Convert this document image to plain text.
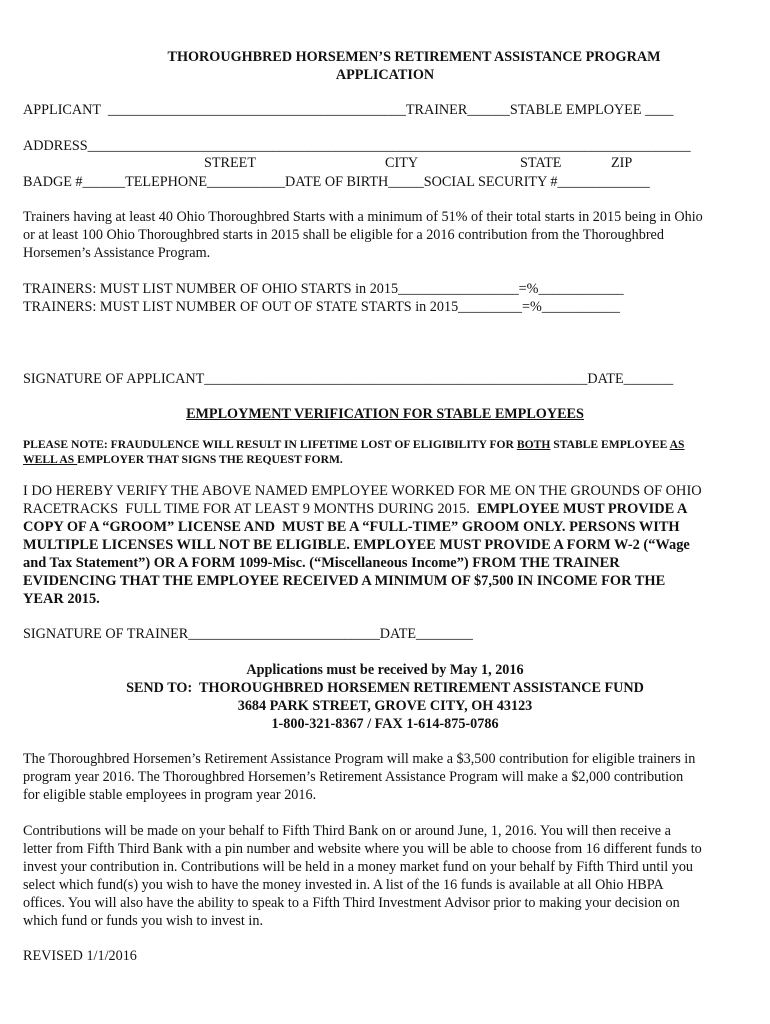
THOROUGHBRED HORSEMEN’S RETIREMENT ASSISTANCE PROGRAM
APPLICATION
APPLICANT  __________________________________________TRAINER______STABLE EMPLOYEE ____
ADDRESS_____________________________________________________________________________________
STREET	CITY	STATE	ZIP
BADGE #______TELEPHONE___________DATE OF BIRTH_____SOCIAL SECURITY #_____________
Trainers having at least 40 Ohio Thoroughbred Starts with a minimum of 51% of their total starts in 2015 being in Ohio
or at least 100 Ohio Thoroughbred starts in 2015 shall be eligible for a 2016 contribution from the Thoroughbred
Horsemen’s Assistance Program.
TRAINERS: MUST LIST NUMBER OF OHIO STARTS in 2015_________________=%____________
TRAINERS: MUST LIST NUMBER OF OUT OF STATE STARTS in 2015_________=%___________
SIGNATURE OF APPLICANT______________________________________________________DATE_______
EMPLOYMENT VERIFICATION FOR STABLE EMPLOYEES
PLEASE NOTE: FRAUDULENCE WILL RESULT IN LIFETIME LOST OF ELIGIBILITY FOR BOTH STABLE EMPLOYEE AS
WELL AS EMPLOYER THAT SIGNS THE REQUEST FORM.
I DO HEREBY VERIFY THE ABOVE NAMED EMPLOYEE WORKED FOR ME ON THE GROUNDS OF OHIO
RACETRACKS  FULL TIME FOR AT LEAST 9 MONTHS DURING 2015.  EMPLOYEE MUST PROVIDE A
COPY OF A “GROOM” LICENSE AND  MUST BE A “FULL-TIME” GROOM ONLY. PERSONS WITH
MULTIPLE LICENSES WILL NOT BE ELIGIBLE. EMPLOYEE MUST PROVIDE A FORM W-2 (“Wage
and Tax Statement”) OR A FORM 1099-Misc. (“Miscellaneous Income”) FROM THE TRAINER
EVIDENCING THAT THE EMPLOYEE RECEIVED A MINIMUM OF $7,500 IN INCOME FOR THE
YEAR 2015.
SIGNATURE OF TRAINER___________________________DATE________
Applications must be received by May 1, 2016
SEND TO:  THOROUGHBRED HORSEMEN RETIREMENT ASSISTANCE FUND
3684 PARK STREET, GROVE CITY, OH 43123
1-800-321-8367 / FAX 1-614-875-0786
The Thoroughbred Horsemen’s Retirement Assistance Program will make a $3,500 contribution for eligible trainers in
program year 2016. The Thoroughbred Horsemen’s Retirement Assistance Program will make a $2,000 contribution
for eligible stable employees in program year 2016.
Contributions will be made on your behalf to Fifth Third Bank on or around June, 1, 2016. You will then receive a
letter from Fifth Third Bank with a pin number and website where you will be able to choose from 16 different funds to
invest your contribution in. Contributions will be held in a money market fund on your behalf by Fifth Third until you
select which fund(s) you wish to have the money invested in. A list of the 16 funds is available at all Ohio HBPA
offices. You will also have the ability to speak to a Fifth Third Investment Advisor prior to making your decision on
which fund or funds you wish to invest in.
REVISED 1/1/2016
